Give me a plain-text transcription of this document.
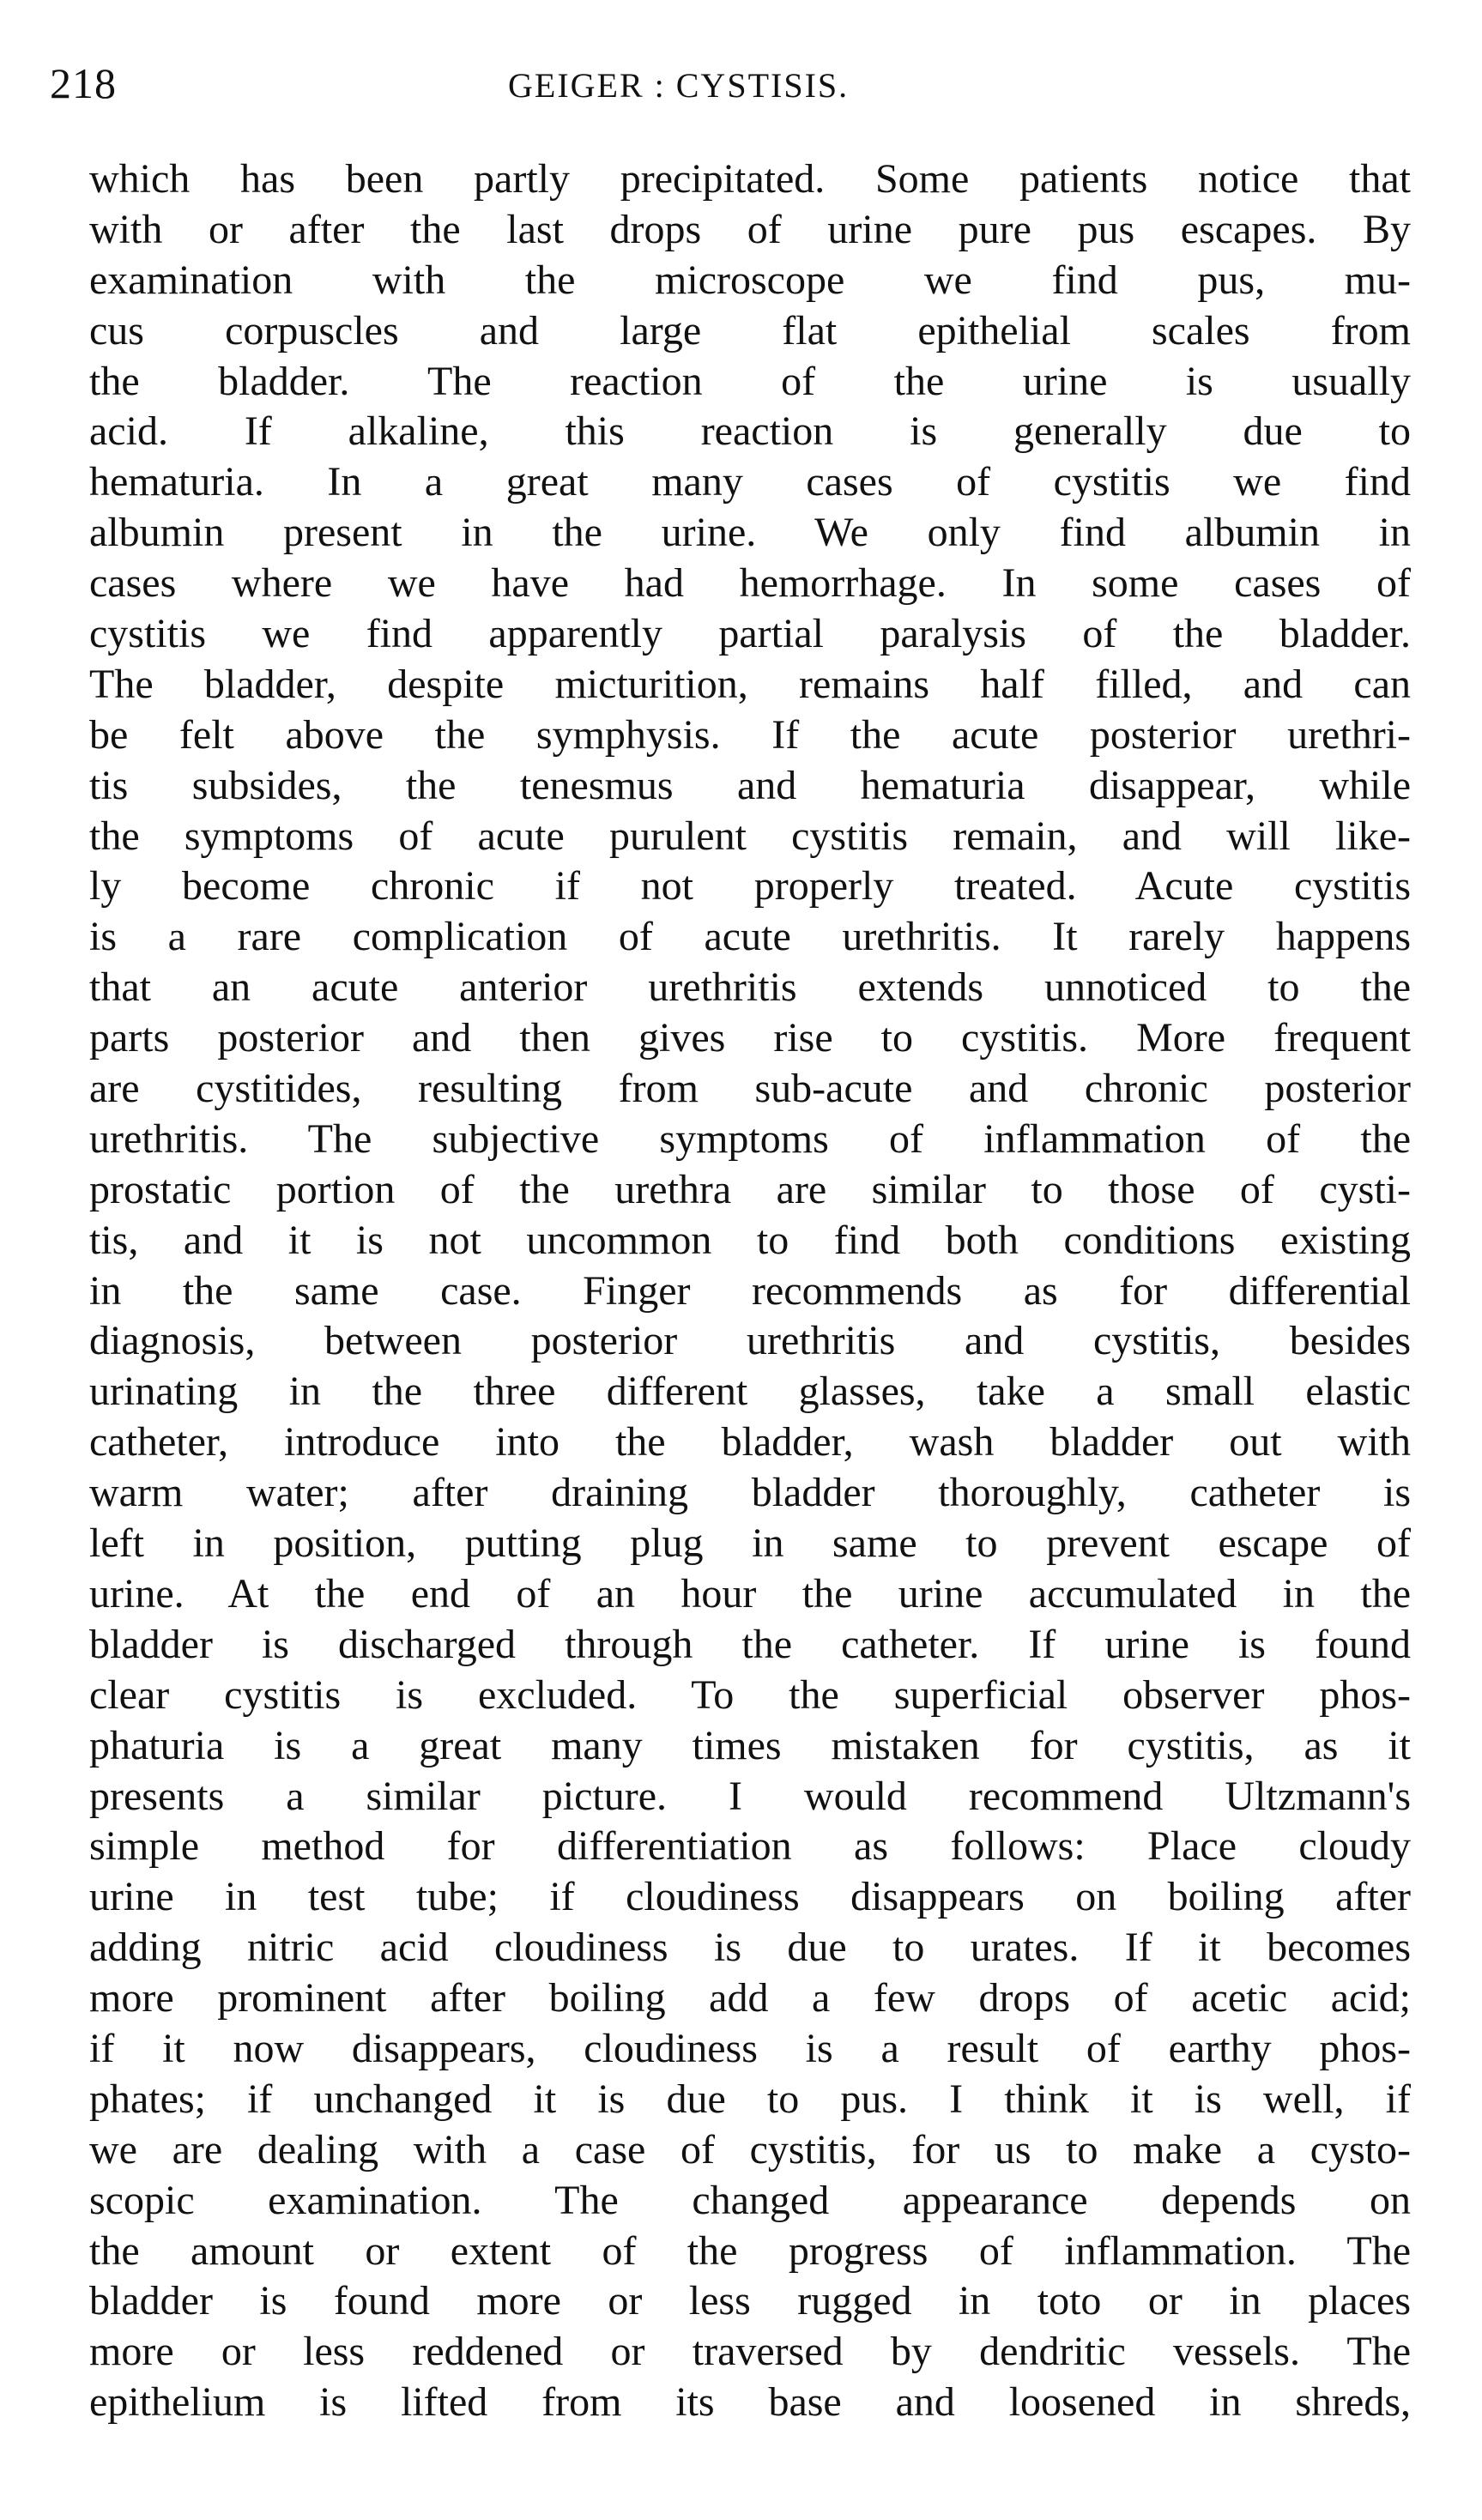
218	GEIGER : CYSTISIS.
which has been partly precipitated. Some patients notice that
with or after the last drops of urine pure pus escapes. By
examination with the microscope we find pus, mu-
cus corpuscles and large flat epithelial scales from
the bladder. The reaction of the urine is usually
acid. If alkaline, this reaction is generally due to
hematuria. In a great many cases of cystitis we find
albumin present in the urine. We only find albumin in
cases where we have had hemorrhage. In some cases of
cystitis we find apparently partial paralysis of the bladder.
The bladder, despite micturition, remains half filled, and can
be felt above the symphysis. If the acute posterior urethri-
tis subsides, the tenesmus and hematuria disappear, while
the symptoms of acute purulent cystitis remain, and will like-
ly become chronic if not properly treated. Acute cystitis
is a rare complication of acute urethritis. It rarely happens
that an acute anterior urethritis extends unnoticed to the
parts posterior and then gives rise to cystitis. More frequent
are cystitides, resulting from sub-acute and chronic posterior
urethritis. The subjective symptoms of inflammation of the
prostatic portion of the urethra are similar to those of cysti-
tis, and it is not uncommon to find both conditions existing
in the same case. Finger recommends as for differential
diagnosis, between posterior urethritis and cystitis, besides
urinating in the three different glasses, take a small elastic
catheter, introduce into the bladder, wash bladder out with
warm water; after draining bladder thoroughly, catheter is
left in position, putting plug in same to prevent escape of
urine. At the end of an hour the urine accumulated in the
bladder is discharged through the catheter. If urine is found
clear cystitis is excluded. To the superficial observer phos-
phaturia is a great many times mistaken for cystitis, as it
presents a similar picture. I would recommend Ultzmann's
simple method for differentiation as follows: Place cloudy
urine in test tube; if cloudiness disappears on boiling after
adding nitric acid cloudiness is due to urates. If it becomes
more prominent after boiling add a few drops of acetic acid;
if it now disappears, cloudiness is a result of earthy phos-
phates; if unchanged it is due to pus. I think it is well, if
we are dealing with a case of cystitis, for us to make a cysto-
scopic examination. The changed appearance depends on
the amount or extent of the progress of inflammation. The
bladder is found more or less rugged in toto or in places
more or less reddened or traversed by dendritic vessels. The
epithelium is lifted from its base and loosened in shreds,
